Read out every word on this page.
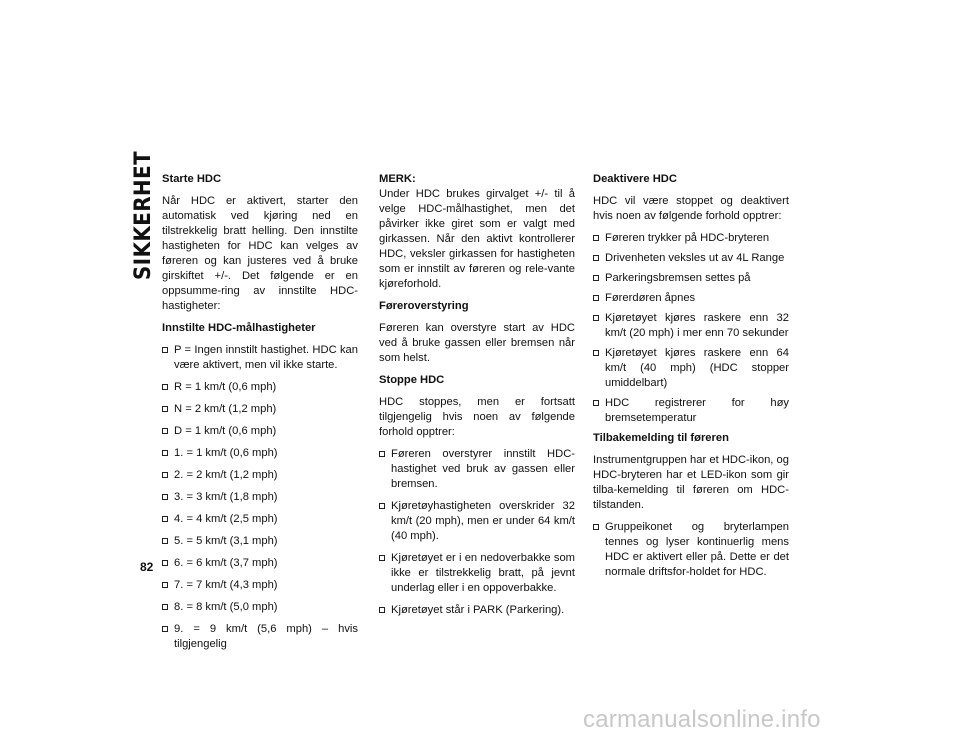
SIKKERHET
82
Starte HDC

Når HDC er aktivert, starter den automatisk ved kjøring ned en tilstrekkelig bratt helling. Den innstilte hastigheten for HDC kan velges av føreren og kan justeres ved å bruke girskiftet +/-. Det følgende er en oppsumme-ring av innstilte HDC-hastigheter:

Innstilte HDC-målhastigheter
P = Ingen innstilt hastighet. HDC kan være aktivert, men vil ikke starte.
R = 1 km/t (0,6 mph)
N = 2 km/t (1,2 mph)
D = 1 km/t (0,6 mph)
1. = 1 km/t (0,6 mph)
2. = 2 km/t (1,2 mph)
3. = 3 km/t (1,8 mph)
4. = 4 km/t (2,5 mph)
5. = 5 km/t (3,1 mph)
6. = 6 km/t (3,7 mph)
7. = 7 km/t (4,3 mph)
8. = 8 km/t (5,0 mph)
9. = 9 km/t (5,6 mph) – hvis tilgjengelig

MERK:
Under HDC brukes girvalget +/- til å velge HDC-målhastighet, men det påvirker ikke giret som er valgt med girkassen. Når den aktivt kontrollerer HDC, veksler girkassen for hastigheten som er innstilt av føreren og rele-vante kjøreforhold.

Føreroverstyring

Føreren kan overstyre start av HDC ved å bruke gassen eller bremsen når som helst.

Stoppe HDC

HDC stoppes, men er fortsatt tilgjengelig hvis noen av følgende forhold opptrer:

Føreren overstyrer innstilt HDC-hastighet ved bruk av gassen eller bremsen.
Kjøretøyhastigheten overskrider 32 km/t (20 mph), men er under 64 km/t (40 mph).
Kjøretøyet er i en nedoverbakke som ikke er tilstrekkelig bratt, på jevnt underlag eller i en oppoverbakke.
Kjøretøyet står i PARK (Parkering).
Deaktivere HDC

HDC vil være stoppet og deaktivert hvis noen av følgende forhold opptrer:

Føreren trykker på HDC-bryteren
Drivenheten veksles ut av 4L Range
Parkeringsbremsen settes på
Førerdøren åpnes
Kjøretøyet kjøres raskere enn 32 km/t (20 mph) i mer enn 70 sekunder
Kjøretøyet kjøres raskere enn 64 km/t (40 mph) (HDC stopper umiddelbart)
HDC registrerer for høy bremsetemperatur
Tilbakemelding til føreren

Instrumentgruppen har et HDC-ikon, og HDC-bryteren har et LED-ikon som gir tilba-kemelding til føreren om HDC-tilstanden.

Gruppeikonet og bryterlampen tennes og lyser kontinuerlig mens HDC er aktivert eller på. Dette er det normale driftsfor-holdet for HDC.
carmanualsonline.info
